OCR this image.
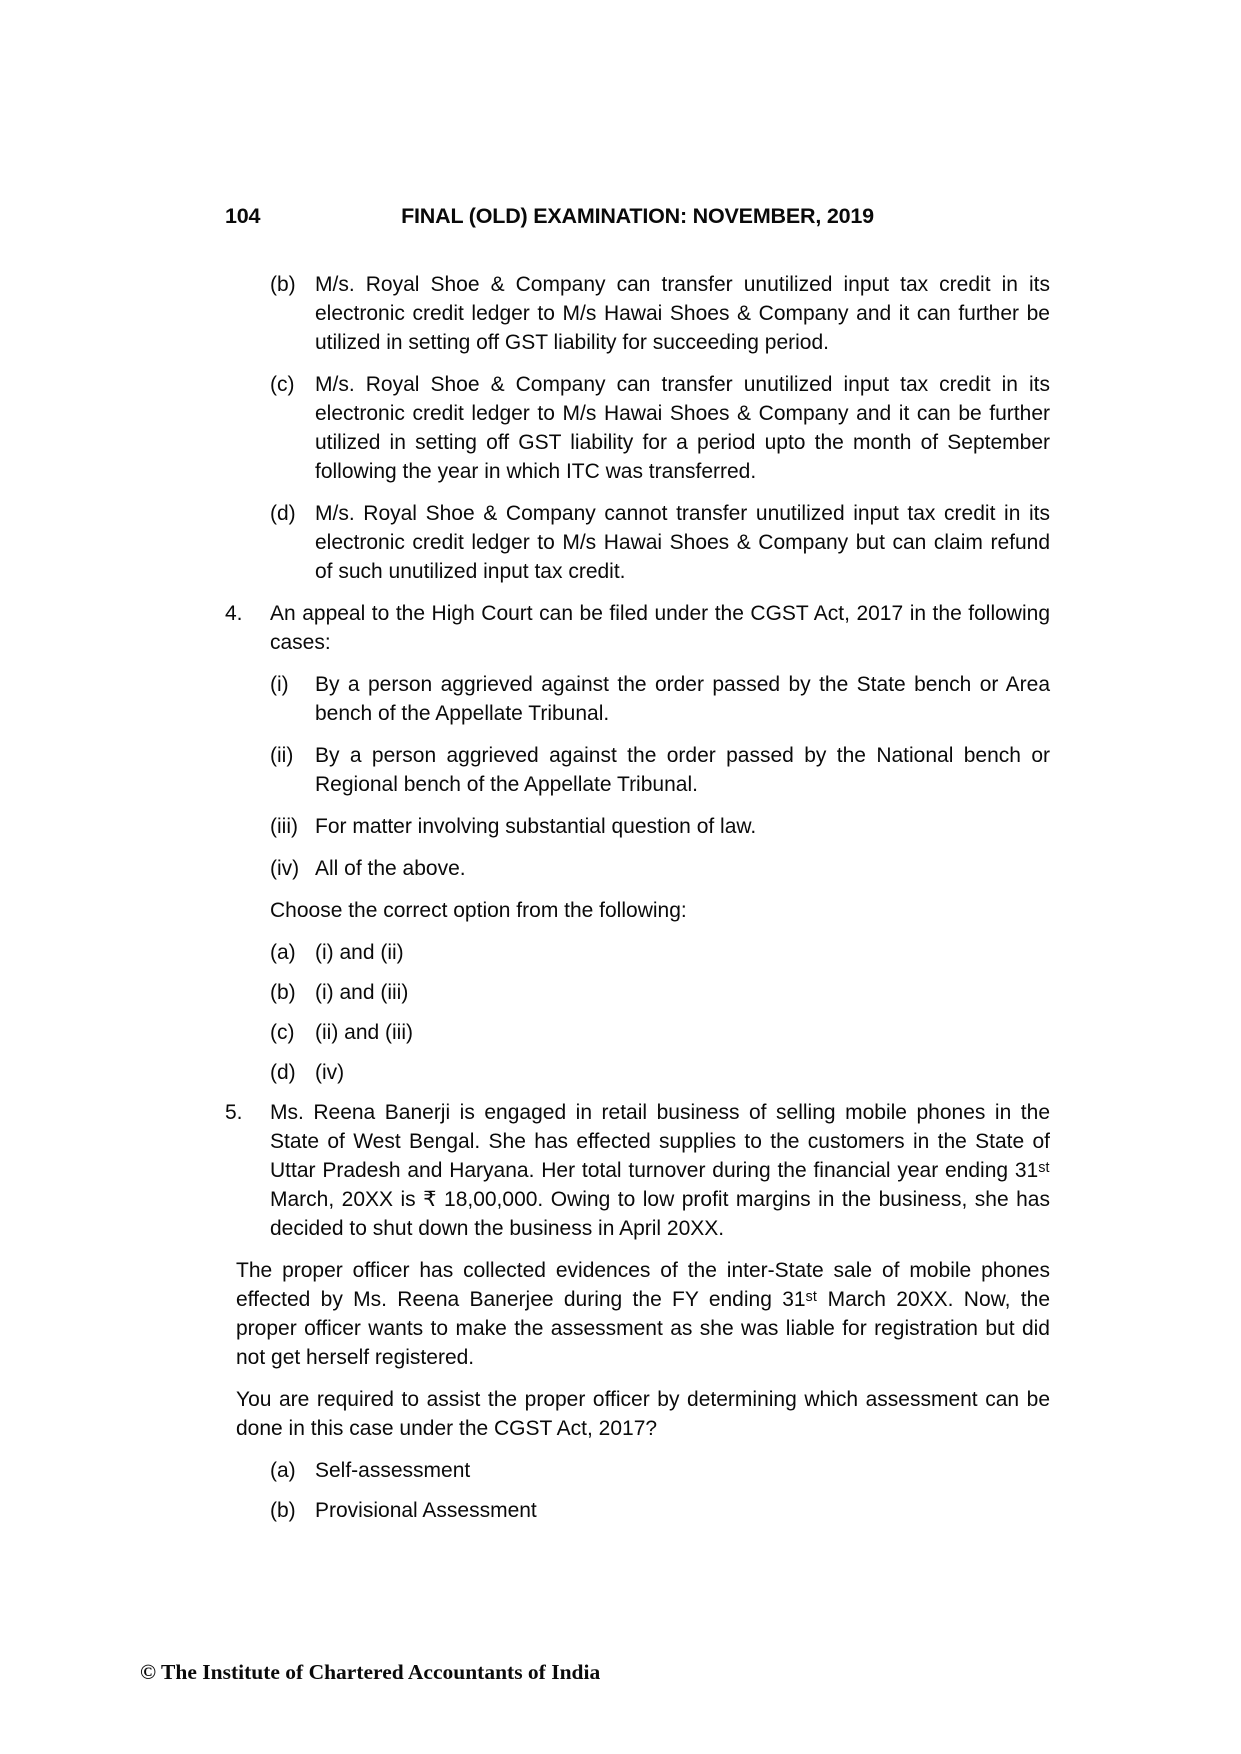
104	FINAL (OLD) EXAMINATION: NOVEMBER, 2019
(b) M/s. Royal Shoe & Company can transfer unutilized input tax credit in its electronic credit ledger to M/s Hawai Shoes & Company and it can further be utilized in setting off GST liability for succeeding period.
(c) M/s. Royal Shoe & Company can transfer unutilized input tax credit in its electronic credit ledger to M/s Hawai Shoes & Company and it can be further utilized in setting off GST liability for a period upto the month of September following the year in which ITC was transferred.
(d) M/s. Royal Shoe & Company cannot transfer unutilized input tax credit in its electronic credit ledger to M/s Hawai Shoes & Company but can claim refund of such unutilized input tax credit.
4.	An appeal to the High Court can be filed under the CGST Act, 2017 in the following cases:
(i)	By a person aggrieved against the order passed by the State bench or Area bench of the Appellate Tribunal.
(ii)	By a person aggrieved against the order passed by the National bench or Regional bench of the Appellate Tribunal.
(iii) For matter involving substantial question of law.
(iv) All of the above.
Choose the correct option from the following:
(a) (i) and (ii)
(b) (i) and (iii)
(c) (ii) and (iii)
(d) (iv)
5.	Ms. Reena Banerji is engaged in retail business of selling mobile phones in the State of West Bengal. She has effected supplies to the customers in the State of Uttar Pradesh and Haryana. Her total turnover during the financial year ending 31ˢᵗ March, 20XX is ₹ 18,00,000. Owing to low profit margins in the business, she has decided to shut down the business in April 20XX.
The proper officer has collected evidences of the inter-State sale of mobile phones effected by Ms. Reena Banerjee during the FY ending 31ˢᵗ March 20XX. Now, the proper officer wants to make the assessment as she was liable for registration but did not get herself registered.
You are required to assist the proper officer by determining which assessment can be done in this case under the CGST Act, 2017?
(a) Self-assessment
(b) Provisional Assessment
© The Institute of Chartered Accountants of India
